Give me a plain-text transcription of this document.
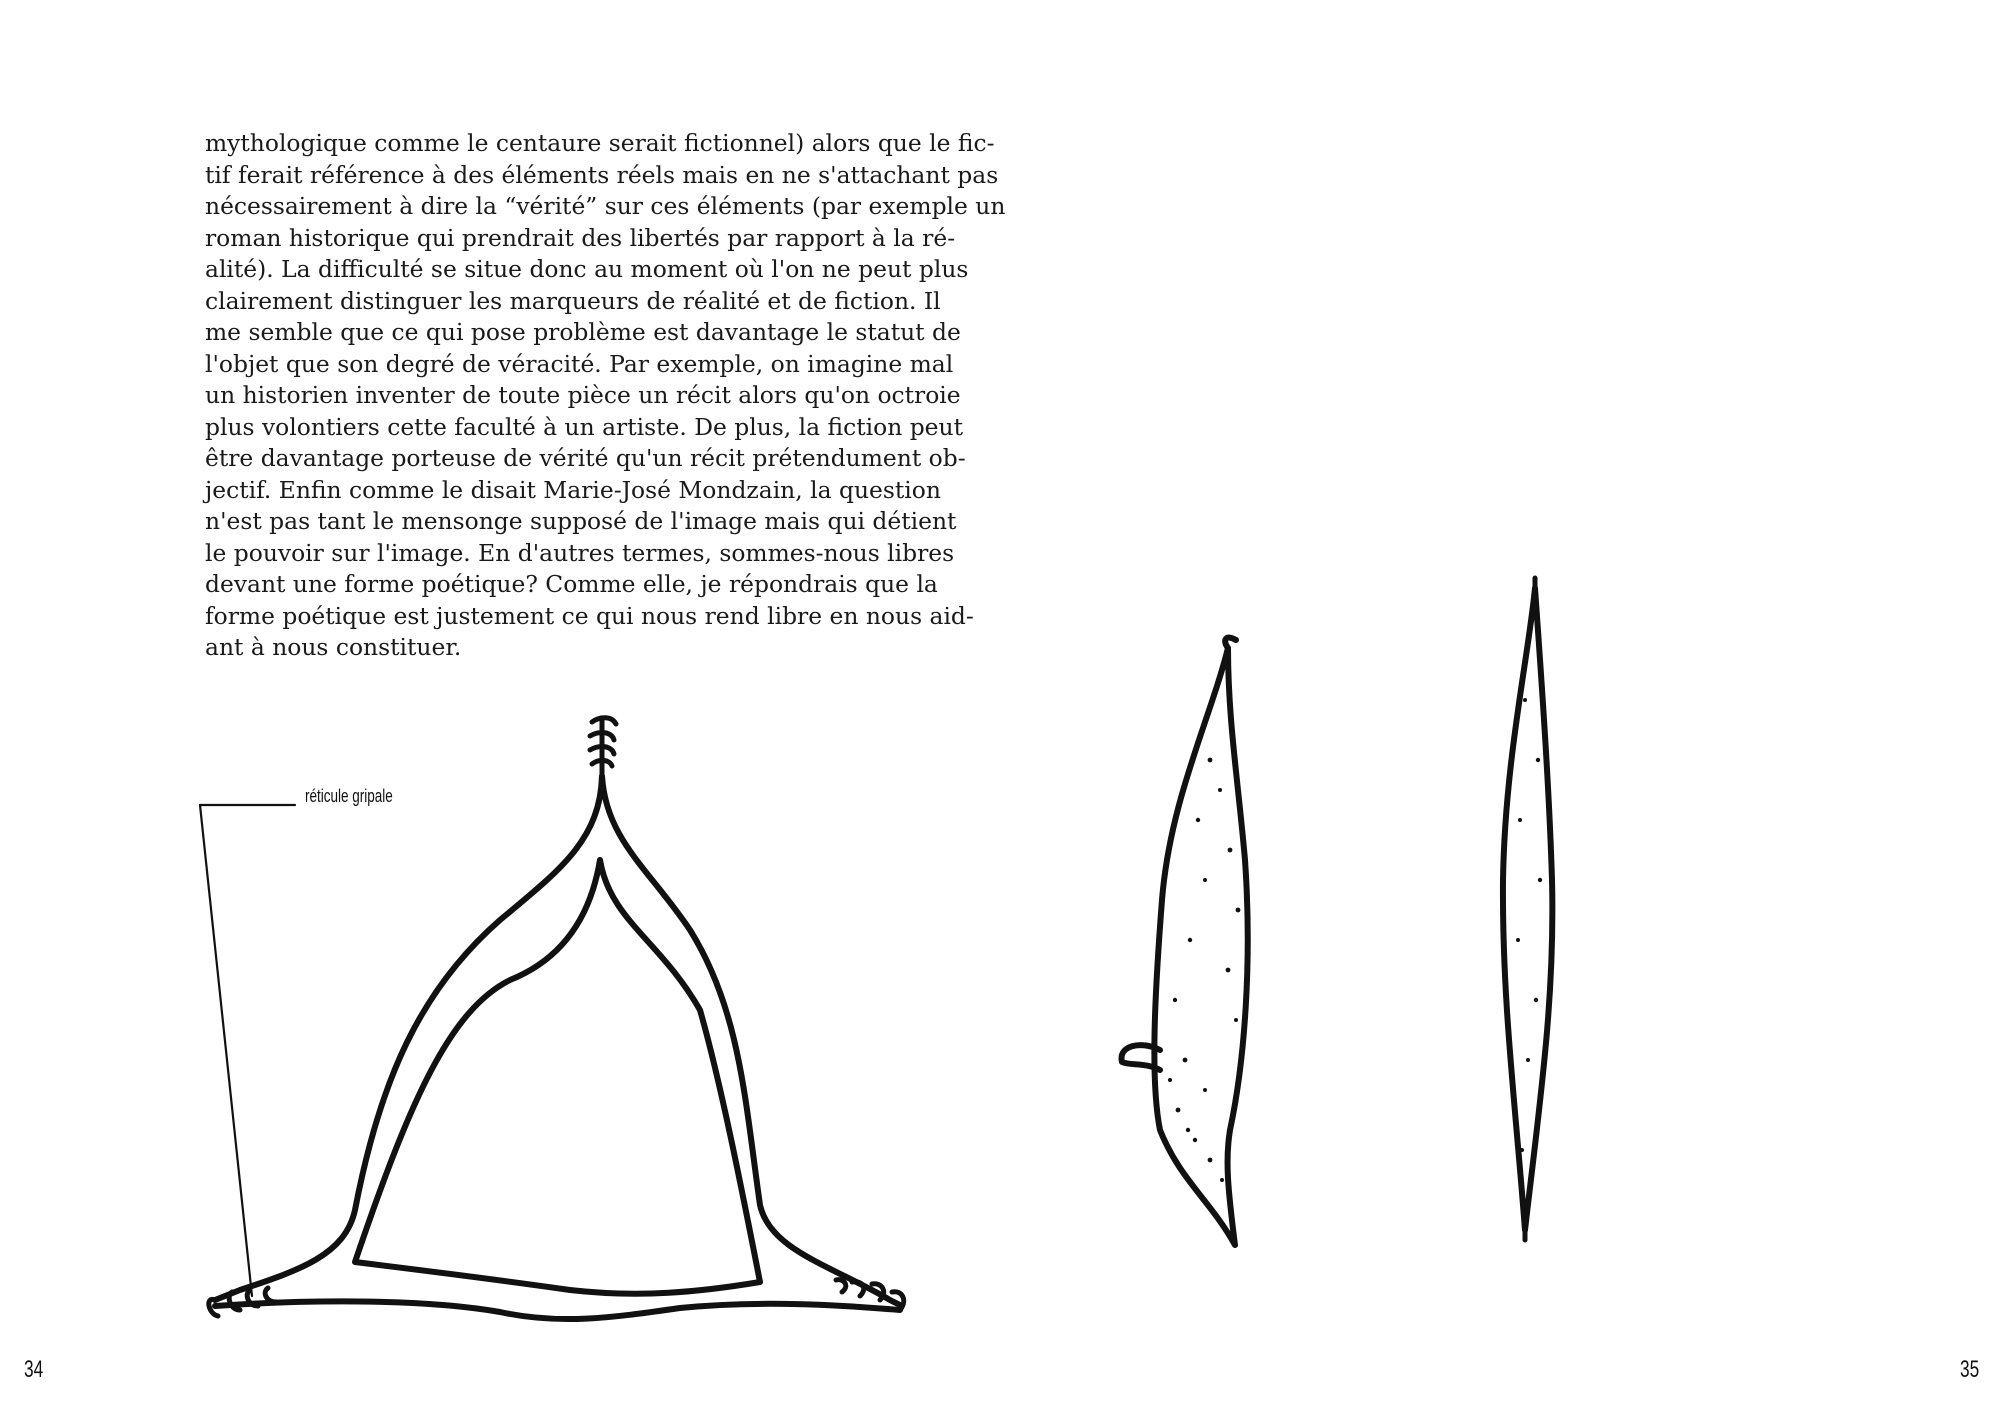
mythologique comme le centaure serait fictionnel) alors que le fic-
tif ferait référence à des éléments réels mais en ne s'attachant pas
nécessairement à dire la “vérité” sur ces éléments (par exemple un
roman historique qui prendrait des libertés par rapport à la ré-
alité). La difficulté se situe donc au moment où l'on ne peut plus
clairement distinguer les marqueurs de réalité et de fiction. Il
me semble que ce qui pose problème est davantage le statut de
l'objet que son degré de véracité. Par exemple, on imagine mal
un historien inventer de toute pièce un récit alors qu'on octroie
plus volontiers cette faculté à un artiste. De plus, la fiction peut
être davantage porteuse de vérité qu'un récit prétendument ob-
jectif. Enfin comme le disait Marie-José Mondzain, la question
n'est pas tant le mensonge supposé de l'image mais qui détient
le pouvoir sur l'image. En d'autres termes, sommes-nous libres
devant une forme poétique? Comme elle, je répondrais que la
forme poétique est justement ce qui nous rend libre en nous aid-
ant à nous constituer.

réticule gripale
34	35
